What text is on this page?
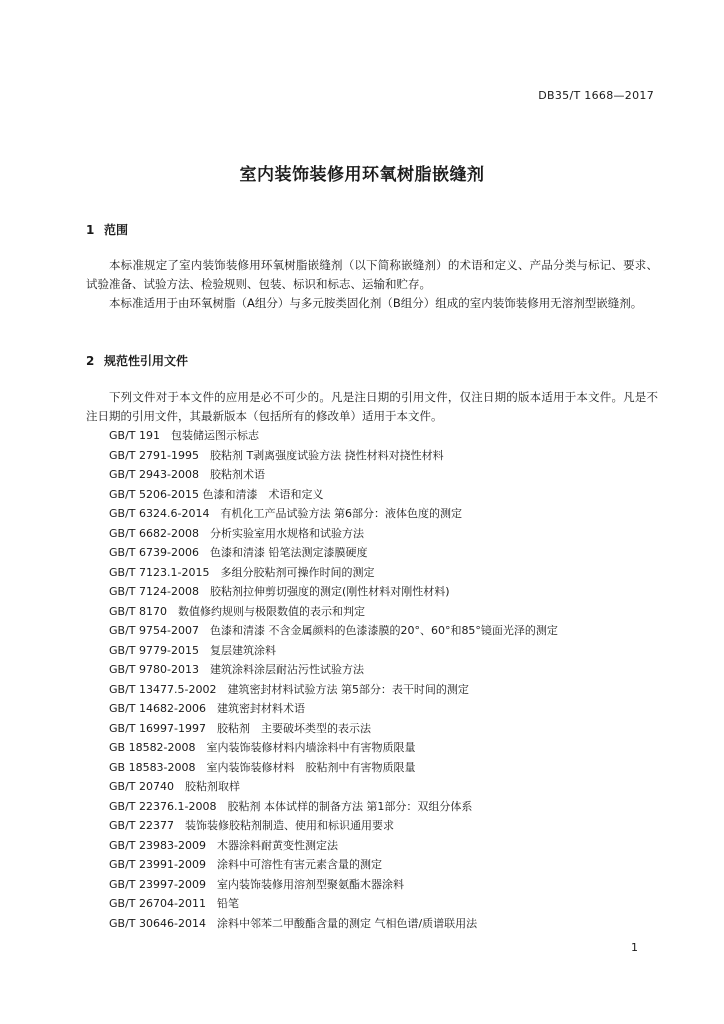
DB35/T 1668—2017
室内装饰装修用环氧树脂嵌缝剂
1 范围

本标准规定了室内装饰装修用环氧树脂嵌缝剂（以下简称嵌缝剂）的术语和定义、产品分类与标记、要求、试验准备、试验方法、检验规则、包装、标识和标志、运输和贮存。

本标准适用于由环氧树脂（A组分）与多元胺类固化剂（B组分）组成的室内装饰装修用无溶剂型嵌缝剂。

2 规范性引用文件

下列文件对于本文件的应用是必不可少的。凡是注日期的引用文件，仅注日期的版本适用于本文件。凡是不注日期的引用文件，其最新版本（包括所有的修改单）适用于本文件。

GB/T 191　包装储运图示标志
GB/T 2791-1995　胶粘剂 T剥离强度试验方法 挠性材料对挠性材料
GB/T 2943-2008　胶粘剂术语
GB/T 5206-2015 色漆和清漆　术语和定义
GB/T 6324.6-2014　有机化工产品试验方法 第6部分：液体色度的测定
GB/T 6682-2008　分析实验室用水规格和试验方法
GB/T 6739-2006　色漆和清漆 铅笔法测定漆膜硬度
GB/T 7123.1-2015　多组分胶粘剂可操作时间的测定
GB/T 7124-2008　胶粘剂拉伸剪切强度的测定(刚性材料对刚性材料)
GB/T 8170　数值修约规则与极限数值的表示和判定
GB/T 9754-2007　色漆和清漆 不含金属颜料的色漆漆膜的20°、60°和85°镜面光泽的测定
GB/T 9779-2015　复层建筑涂料
GB/T 9780-2013　建筑涂料涂层耐沾污性试验方法
GB/T 13477.5-2002　建筑密封材料试验方法 第5部分：表干时间的测定
GB/T 14682-2006　建筑密封材料术语
GB/T 16997-1997　胶粘剂　主要破坏类型的表示法
GB 18582-2008　室内装饰装修材料内墙涂料中有害物质限量
GB 18583-2008　室内装饰装修材料　胶粘剂中有害物质限量
GB/T 20740　胶粘剂取样
GB/T 22376.1-2008　胶粘剂 本体试样的制备方法 第1部分：双组分体系
GB/T 22377　装饰装修胶粘剂制造、使用和标识通用要求
GB/T 23983-2009　木器涂料耐黄变性测定法
GB/T 23991-2009　涂料中可溶性有害元素含量的测定
GB/T 23997-2009　室内装饰装修用溶剂型聚氨酯木器涂料
GB/T 26704-2011　铅笔
GB/T 30646-2014　涂料中邻苯二甲酸酯含量的测定 气相色谱/质谱联用法
1
